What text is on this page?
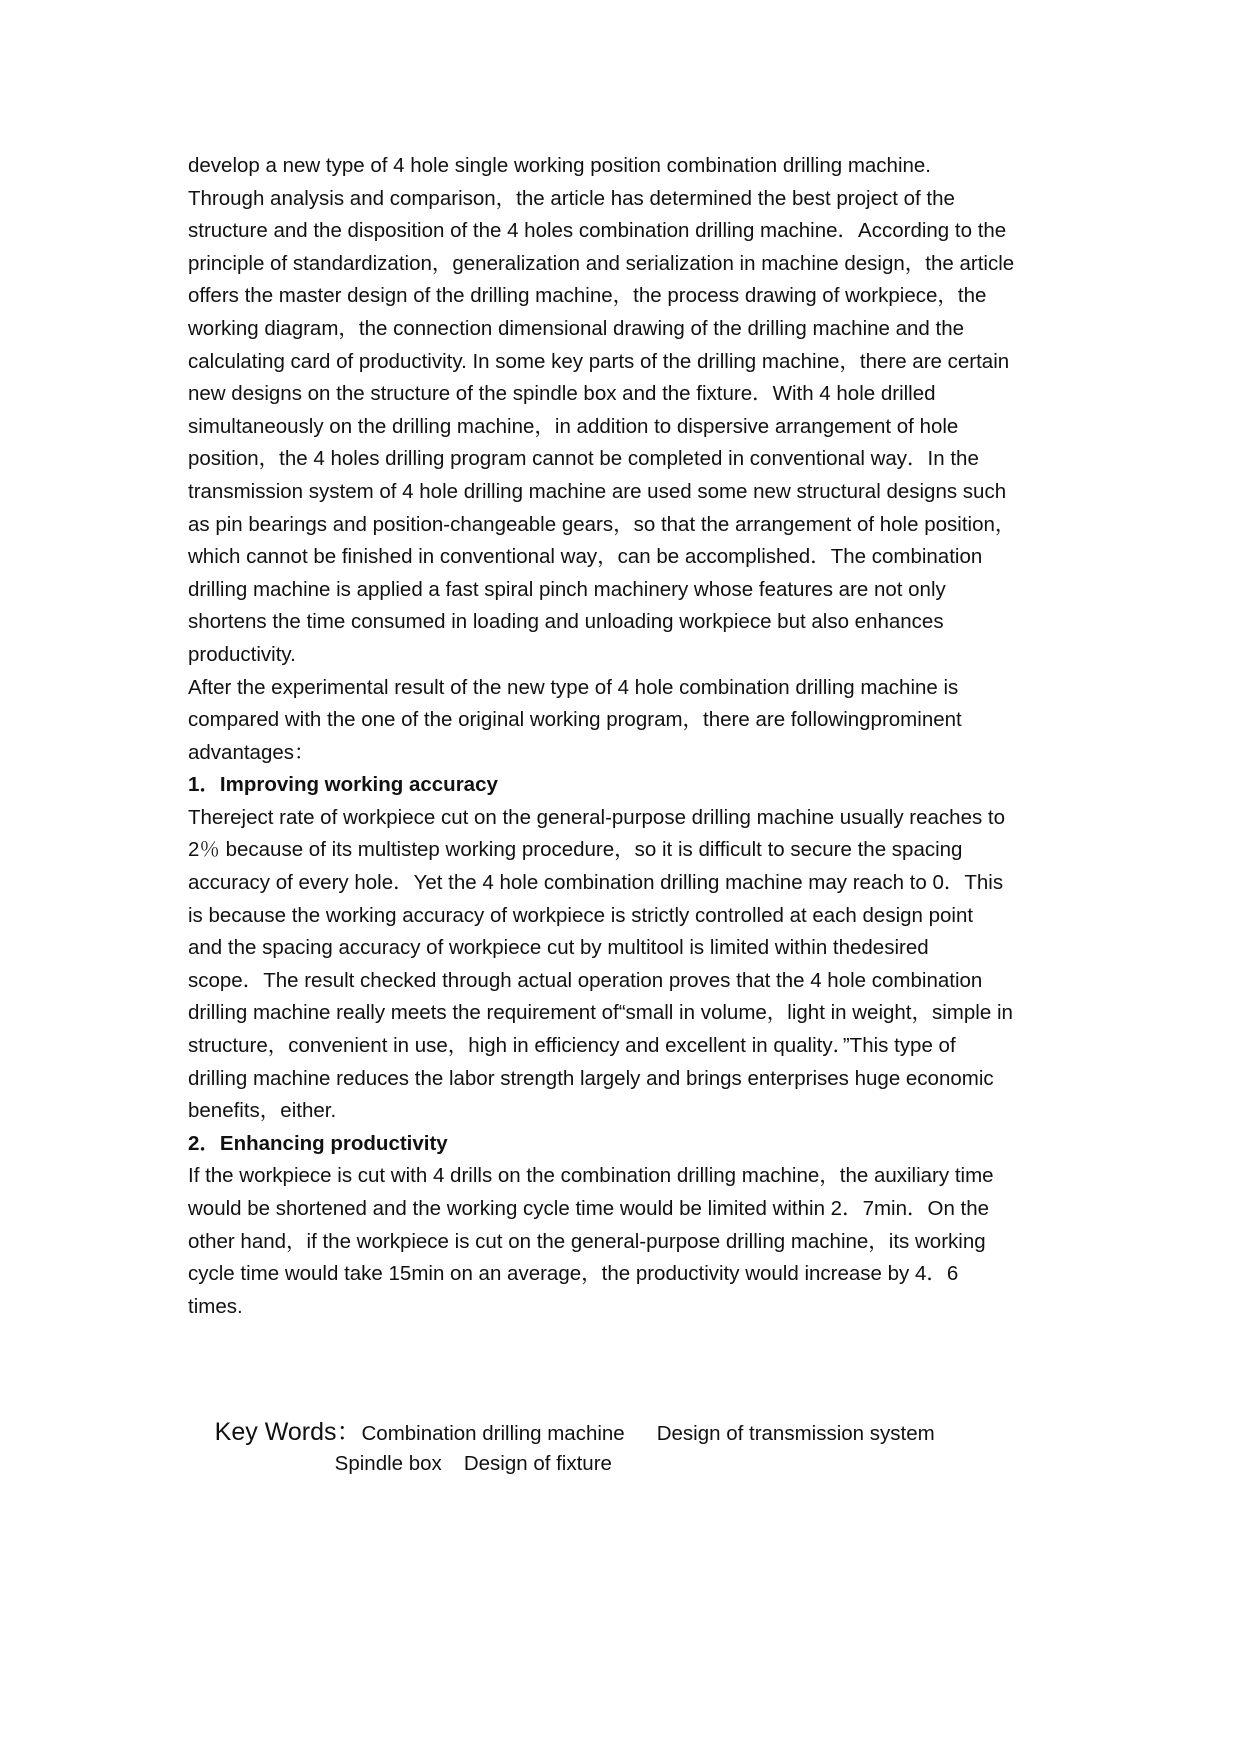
develop a new type of 4 hole single working position combination drilling machine.
Through analysis and comparison，the article has determined the best project of the
structure and the disposition of the 4 holes combination drilling machine．According to the
principle of standardization，generalization and serialization in machine design，the article
offers the master design of the drilling machine，the process drawing of workpiece，the
working diagram，the connection dimensional drawing of the drilling machine and the
calculating card of productivity. In some key parts of the drilling machine，there are certain
new designs on the structure of the spindle box and the fixture．With 4 hole drilled
simultaneously on the drilling machine，in addition to dispersive arrangement of hole
position，the 4 holes drilling program cannot be completed in conventional way．In the
transmission system of 4 hole drilling machine are used some new structural designs such
as pin bearings and position-changeable gears，so that the arrangement of hole position，
which cannot be finished in conventional way，can be accomplished．The combination
drilling machine is applied a fast spiral pinch machinery whose features are not only
shortens the time consumed in loading and unloading workpiece but also enhances
productivity.
After the experimental result of the new type of 4 hole combination drilling machine is
compared with the one of the original working program，there are followingprominent
advantages：
1．Improving working accuracy
Thereject rate of workpiece cut on the general-purpose drilling machine usually reaches to
2％ because of its multistep working procedure，so it is difficult to secure the spacing
accuracy of every hole．Yet the 4 hole combination drilling machine may reach to 0．This
is because the working accuracy of workpiece is strictly controlled at each design point
and the spacing accuracy of workpiece cut by multitool is limited within thedesired
scope．The result checked through actual operation proves that the 4 hole combination
drilling machine really meets the requirement of“small in volume，light in weight，simple in
structure，convenient in use，high in efficiency and excellent in quality．”This type of
drilling machine reduces the labor strength largely and brings enterprises huge economic
benefits，either.
2．Enhancing productivity
If the workpiece is cut with 4 drills on the combination drilling machine，the auxiliary time
would be shortened and the working cycle time would be limited within 2．7min．On the
other hand，if the workpiece is cut on the general-purpose drilling machine，its working
cycle time would take 15min on an average，the productivity would increase by 4．6
times.

Key Words：Combination drilling machine Design of transmission system

Spindle box Design of fixture
